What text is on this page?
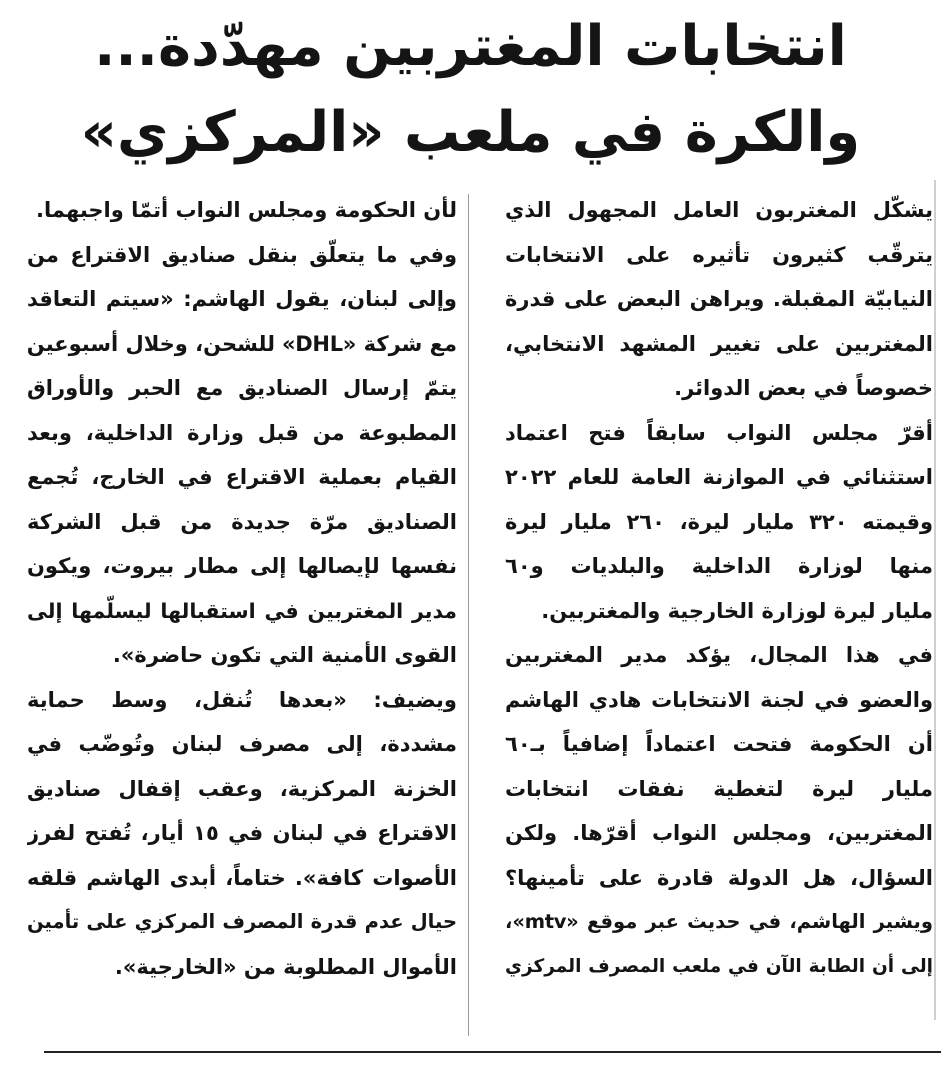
انتخابات المغتربين مهدّدة...
والكرة في ملعب «المركزي»
يشكّل المغتربون العامل المجهول الذي
يترقّب كثيرون تأثيره على الانتخابات
النيابيّة المقبلة. ويراهن البعض على قدرة
المغتربين على تغيير المشهد الانتخابي،
خصوصاً في بعض الدوائر.
أقرّ مجلس النواب سابقاً فتح اعتماد
استثنائي في الموازنة العامة للعام ٢٠٢٢
وقيمته ٣٢٠ مليار ليرة، ٢٦٠ مليار ليرة
منها لوزارة الداخلية والبلديات و٦٠
مليار ليرة لوزارة الخارجية والمغتربين.
في هذا المجال، يؤكد مدير المغتربين
والعضو في لجنة الانتخابات هادي الهاشم
أن الحكومة فتحت اعتماداً إضافياً بـ٦٠
مليار ليرة لتغطية نفقات انتخابات
المغتربين، ومجلس النواب أقرّها. ولكن
السؤال، هل الدولة قادرة على تأمينها؟
ويشير الهاشم، في حديث عبر موقع «mtv»،
إلى أن الطابة الآن في ملعب المصرف المركزي
لأن الحكومة ومجلس النواب أتمّا واجبهما.
وفي ما يتعلّق بنقل صناديق الاقتراع من
وإلى لبنان، يقول الهاشم: «سيتم التعاقد
مع شركة «DHL» للشحن، وخلال أسبوعين
يتمّ إرسال الصناديق مع الحبر والأوراق
المطبوعة من قبل وزارة الداخلية، وبعد
القيام بعملية الاقتراع في الخارج، تُجمع
الصناديق مرّة جديدة من قبل الشركة
نفسها لإيصالها إلى مطار بيروت، ويكون
مدير المغتربين في استقبالها ليسلّمها إلى
القوى الأمنية التي تكون حاضرة».
ويضيف: «بعدها تُنقل، وسط حماية
مشددة، إلى مصرف لبنان وتُوضّب في
الخزنة المركزية، وعقب إقفال صناديق
الاقتراع في لبنان في ١٥ أيار، تُفتح لفرز
الأصوات كافة». ختاماً، أبدى الهاشم قلقه
حيال عدم قدرة المصرف المركزي على تأمين
الأموال المطلوبة من «الخارجية».
